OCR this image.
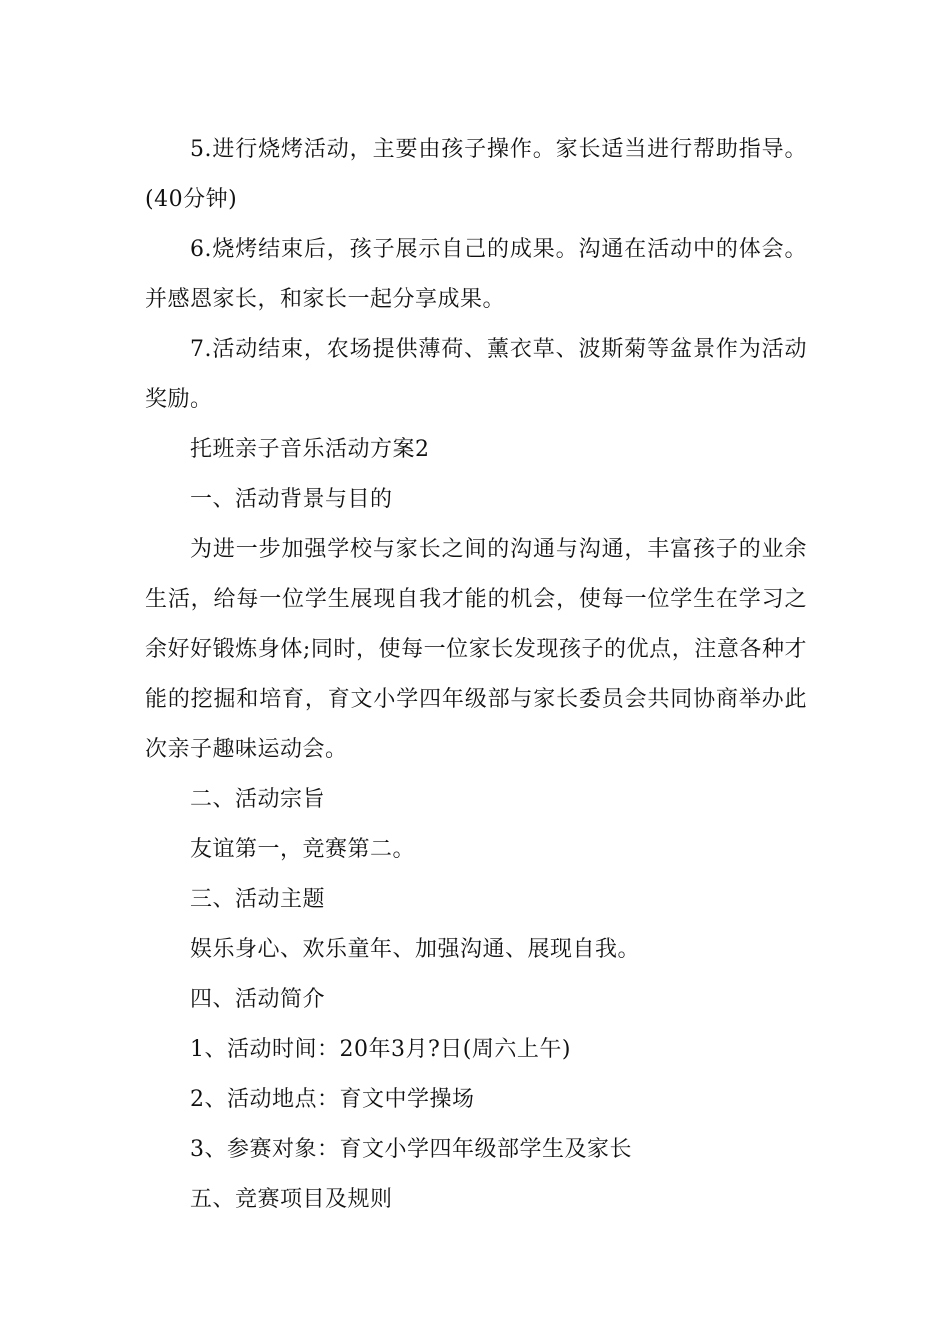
5.进行烧烤活动，主要由孩子操作。家长适当进行帮助指导。(40分钟)

6.烧烤结束后，孩子展示自己的成果。沟通在活动中的体会。并感恩家长，和家长一起分享成果。

7.活动结束，农场提供薄荷、薰衣草、波斯菊等盆景作为活动奖励。

托班亲子音乐活动方案2

一、活动背景与目的

为进一步加强学校与家长之间的沟通与沟通，丰富孩子的业余生活，给每一位学生展现自我才能的机会，使每一位学生在学习之余好好锻炼身体;同时，使每一位家长发现孩子的优点，注意各种才能的挖掘和培育，育文小学四年级部与家长委员会共同协商举办此次亲子趣味运动会。

二、活动宗旨

友谊第一，竞赛第二。

三、活动主题

娱乐身心、欢乐童年、加强沟通、展现自我。

四、活动简介

1、活动时间：20年3月?日(周六上午)

2、活动地点：育文中学操场

3、参赛对象：育文小学四年级部学生及家长

五、竞赛项目及规则
